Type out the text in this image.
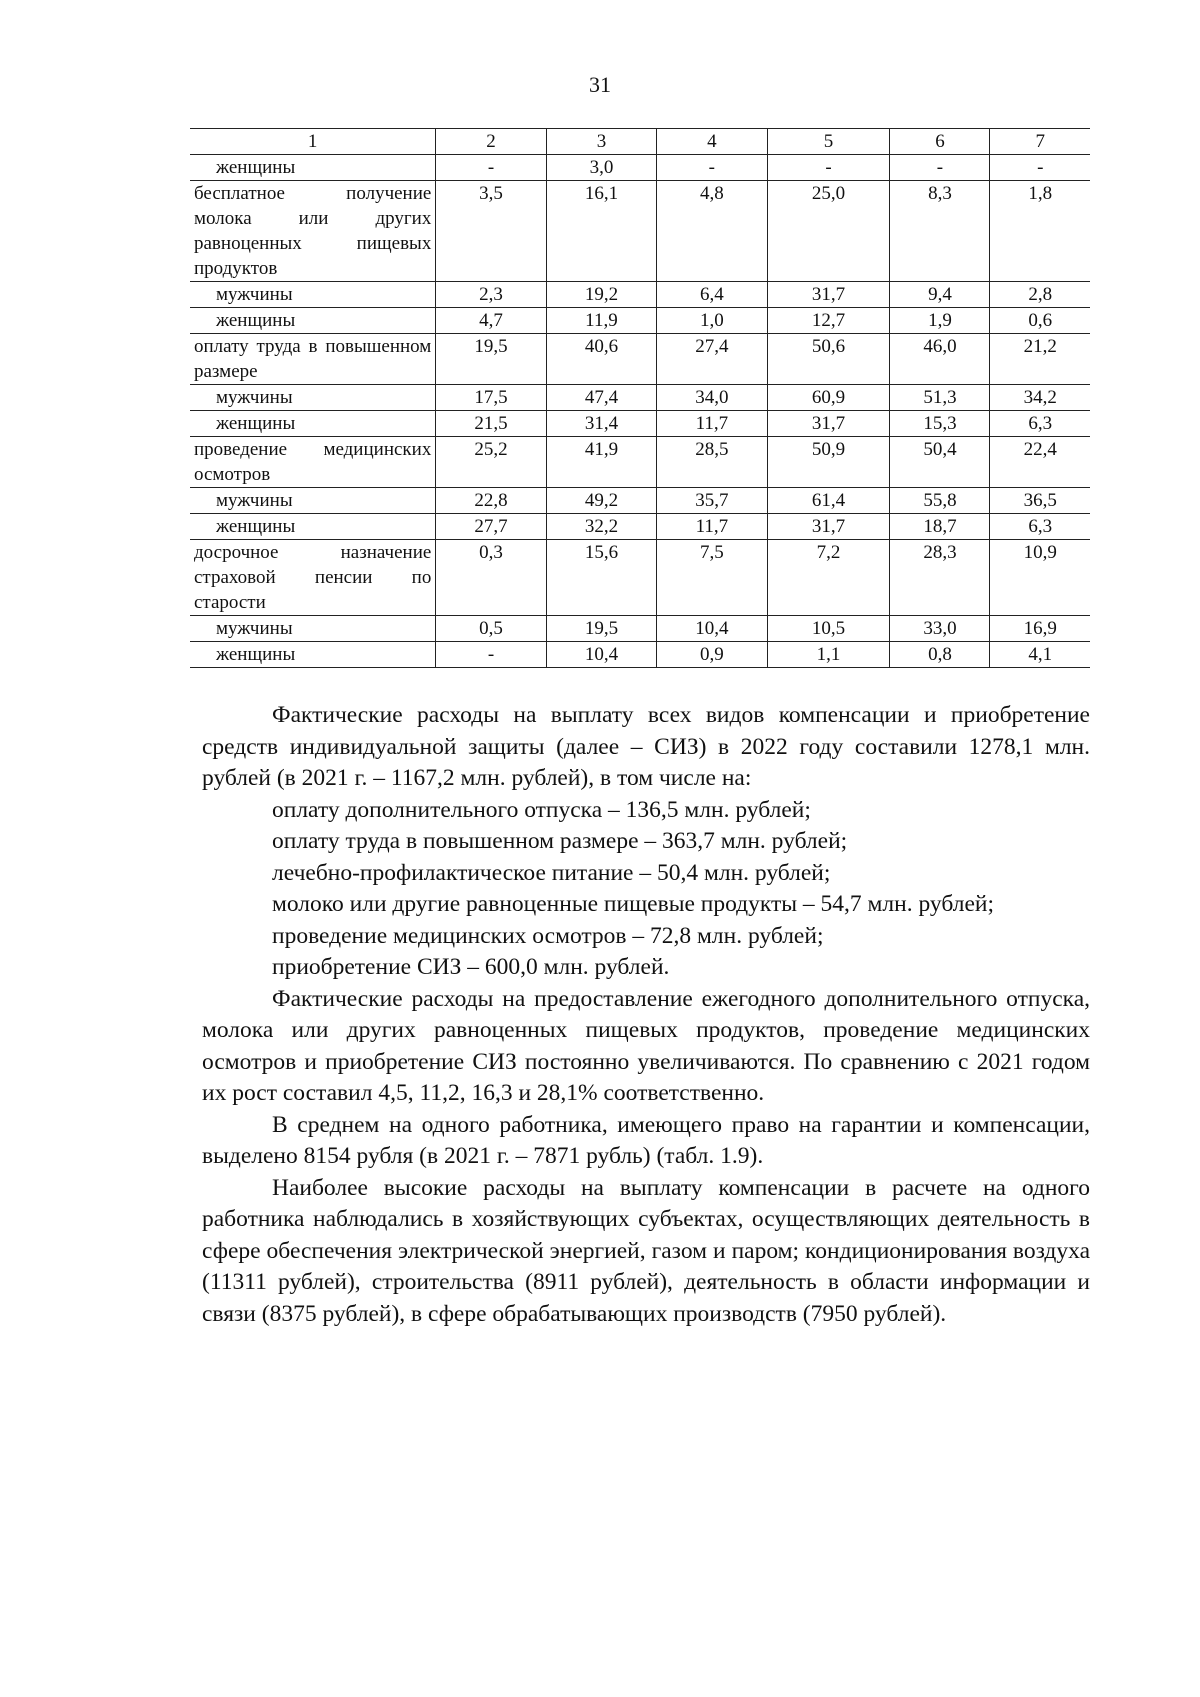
31
1	2	3	4	5	6	7
женщины	-	3,0	-	-	-	-
бесплатное получение молока или других равноценных пищевых продуктов	3,5	16,1	4,8	25,0	8,3	1,8
мужчины	2,3	19,2	6,4	31,7	9,4	2,8
женщины	4,7	11,9	1,0	12,7	1,9	0,6
оплату труда в повышенном размере	19,5	40,6	27,4	50,6	46,0	21,2
мужчины	17,5	47,4	34,0	60,9	51,3	34,2
женщины	21,5	31,4	11,7	31,7	15,3	6,3
проведение медицинских осмотров	25,2	41,9	28,5	50,9	50,4	22,4
мужчины	22,8	49,2	35,7	61,4	55,8	36,5
женщины	27,7	32,2	11,7	31,7	18,7	6,3
досрочное назначение страховой пенсии по старости	0,3	15,6	7,5	7,2	28,3	10,9
мужчины	0,5	19,5	10,4	10,5	33,0	16,9
женщины	-	10,4	0,9	1,1	0,8	4,1

Фактические расходы на выплату всех видов компенсации и приобретение средств индивидуальной защиты (далее – СИЗ) в 2022 году составили 1278,1 млн. рублей (в 2021 г. – 1167,2 млн. рублей), в том числе на:

оплату дополнительного отпуска – 136,5 млн. рублей;

оплату труда в повышенном размере – 363,7 млн. рублей;

лечебно-профилактическое питание – 50,4 млн. рублей;

молоко или другие равноценные пищевые продукты – 54,7 млн. рублей;

проведение медицинских осмотров – 72,8 млн. рублей;

приобретение СИЗ – 600,0 млн. рублей.

Фактические расходы на предоставление ежегодного дополнительного отпуска, молока или других равноценных пищевых продуктов, проведение медицинских осмотров и приобретение СИЗ постоянно увеличиваются. По сравнению с 2021 годом их рост составил 4,5, 11,2, 16,3 и 28,1% соответственно.

В среднем на одного работника, имеющего право на гарантии и компенсации, выделено 8154 рубля (в 2021 г. – 7871 рубль) (табл. 1.9).

Наиболее высокие расходы на выплату компенсации в расчете на одного работника наблюдались в хозяйствующих субъектах, осуществляющих деятельность в сфере обеспечения электрической энергией, газом и паром; кондиционирования воздуха (11311 рублей), строительства (8911 рублей), деятельность в области информации и связи (8375 рублей), в сфере обрабатывающих производств (7950 рублей).
